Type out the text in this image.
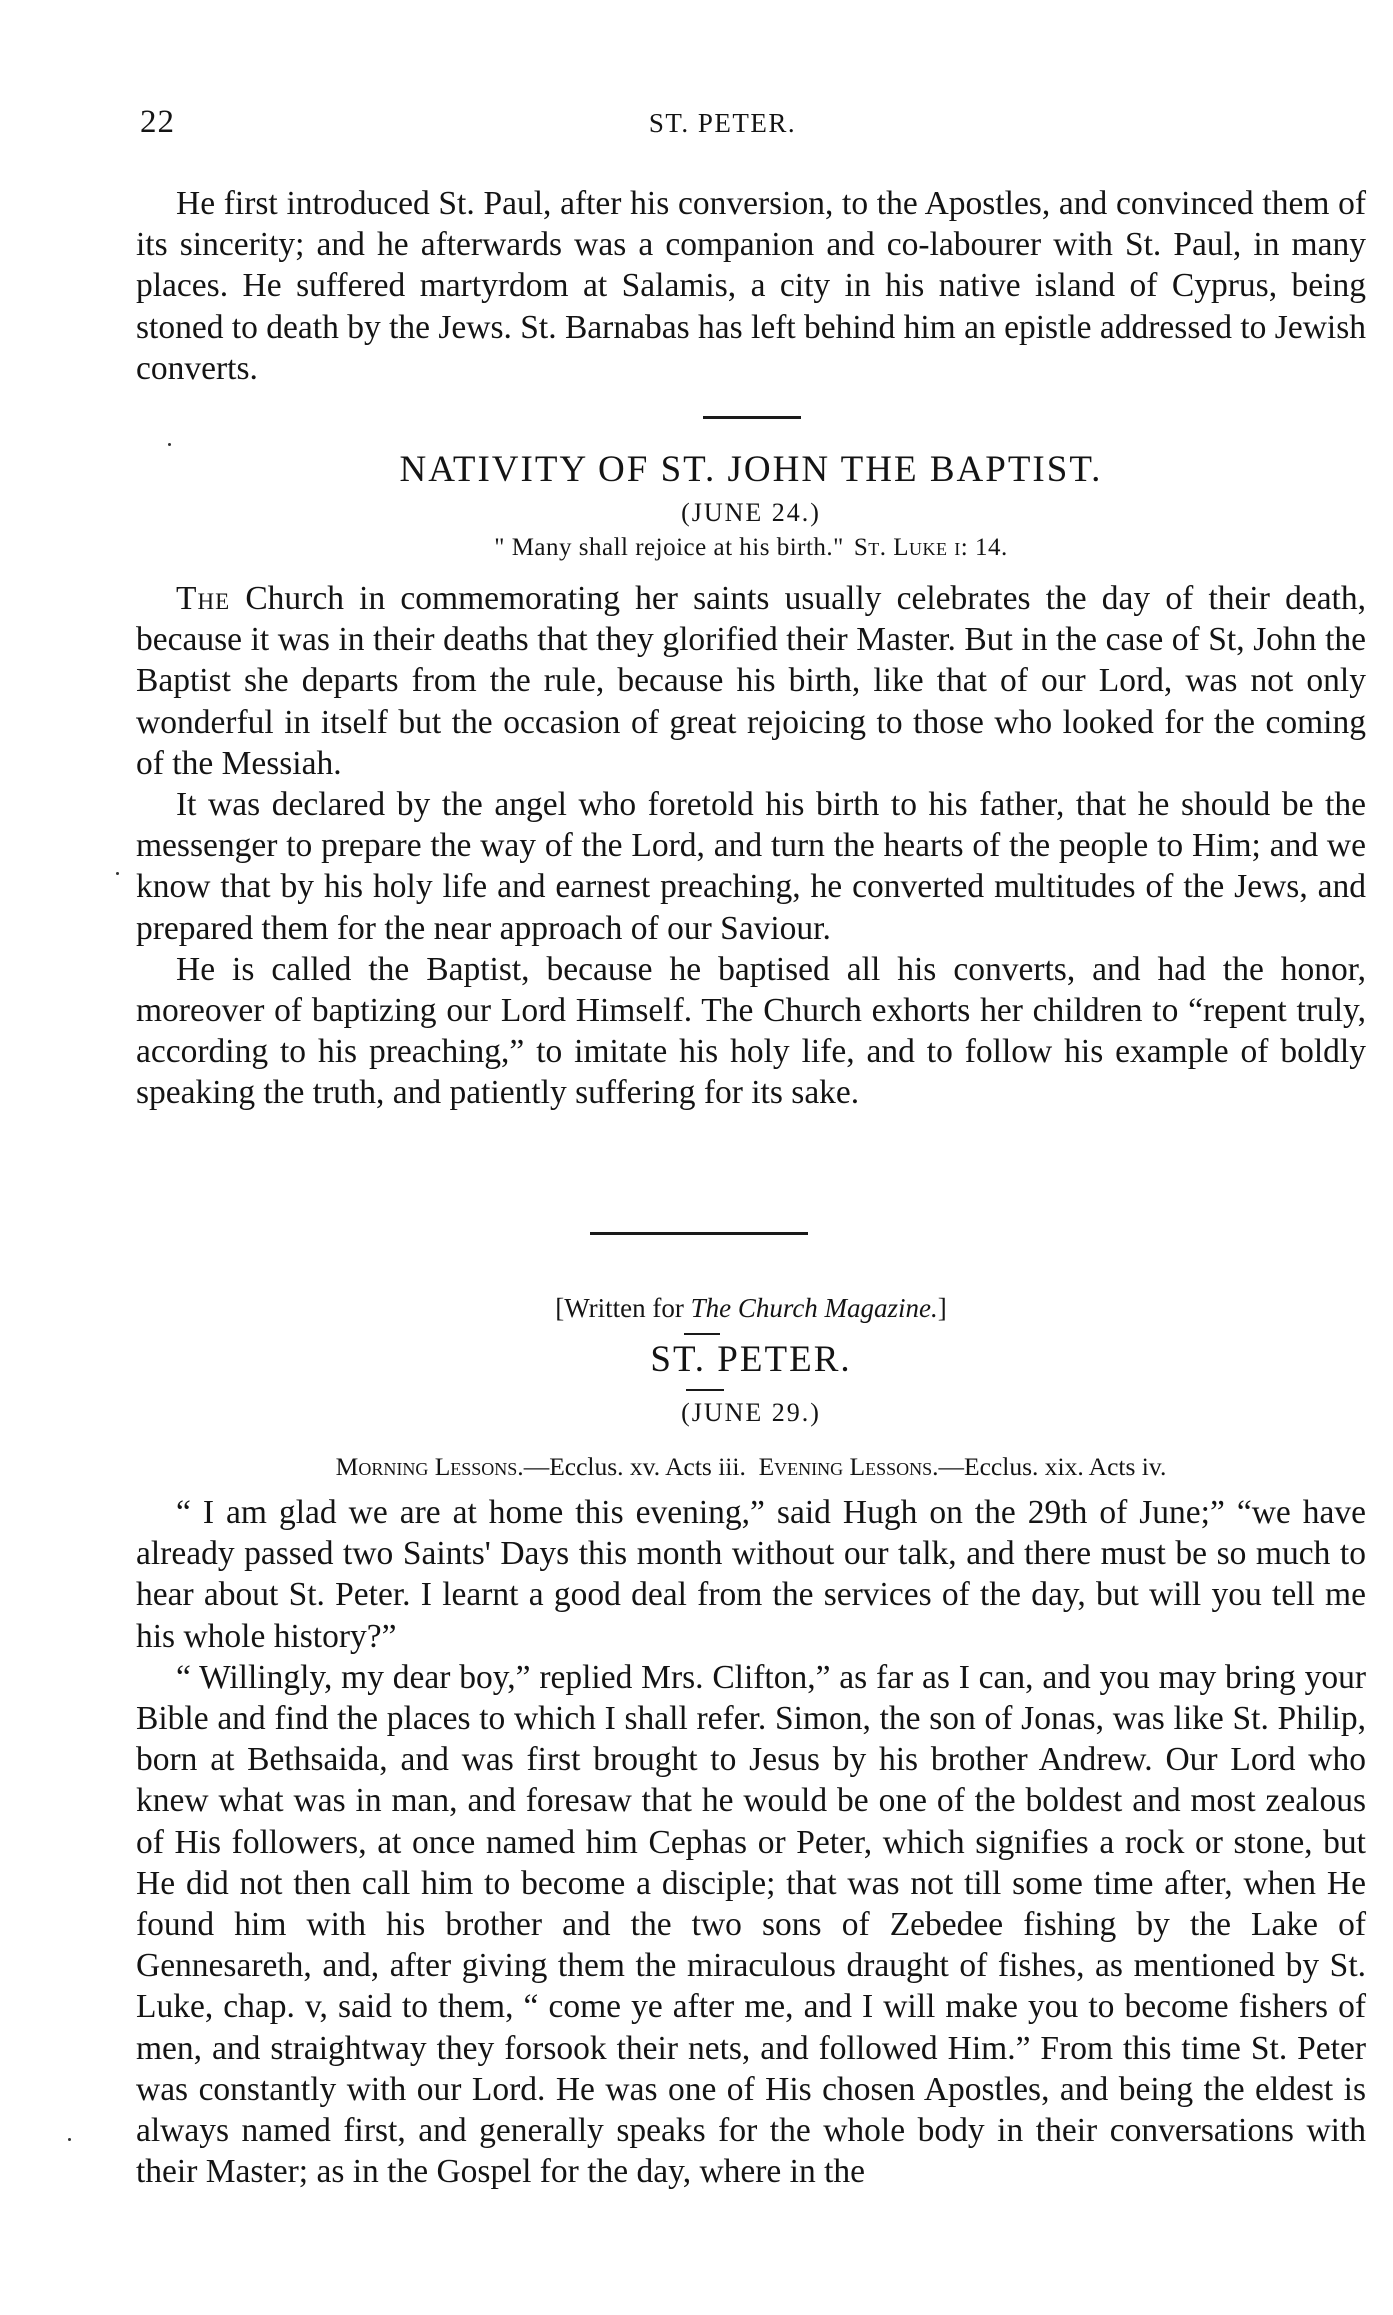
22	ST. PETER.

He first introduced St. Paul, after his conversion, to the Apostles, and convinced them of its sincerity; and he afterwards was a companion and co-labourer with St. Paul, in many places. He suffered martyrdom at Salamis, a city in his native island of Cyprus, being stoned to death by the Jews. St. Barnabas has left behind him an epistle addressed to Jewish converts.

NATIVITY OF ST. JOHN THE BAPTIST.
(JUNE 24.)
" Many shall rejoice at his birth." St. Luke i: 14.

The Church in commemorating her saints usually celebrates the day of their death, because it was in their deaths that they glorified their Master. But in the case of St, John the Baptist she departs from the rule, because his birth, like that of our Lord, was not only wonderful in itself but the occasion of great rejoicing to those who looked for the coming of the Messiah.

It was declared by the angel who foretold his birth to his father, that he should be the messenger to prepare the way of the Lord, and turn the hearts of the people to Him; and we know that by his holy life and earnest preaching, he converted multitudes of the Jews, and prepared them for the near approach of our Saviour.

He is called the Baptist, because he baptised all his converts, and had the honor, moreover of baptizing our Lord Himself. The Church exhorts her children to “repent truly, according to his preaching,” to imitate his holy life, and to follow his example of boldly speaking the truth, and patiently suffering for its sake.

[Written for The Church Magazine.]
ST. PETER.
(JUNE 29.)
Morning Lessons.—Ecclus. xv. Acts iii. Evening Lessons.—Ecclus. xix. Acts iv.

“ I am glad we are at home this evening,” said Hugh on the 29th of June;” “we have already passed two Saints' Days this month without our talk, and there must be so much to hear about St. Peter. I learnt a good deal from the services of the day, but will you tell me his whole history?”

“ Willingly, my dear boy,” replied Mrs. Clifton,” as far as I can, and you may bring your Bible and find the places to which I shall refer. Simon, the son of Jonas, was like St. Philip, born at Bethsaida, and was first brought to Jesus by his brother Andrew. Our Lord who knew what was in man, and foresaw that he would be one of the boldest and most zealous of His followers, at once named him Cephas or Peter, which signifies a rock or stone, but He did not then call him to become a disciple; that was not till some time after, when He found him with his brother and the two sons of Zebedee fishing by the Lake of Gennesareth, and, after giving them the miraculous draught of fishes, as mentioned by St. Luke, chap. v, said to them, “ come ye after me, and I will make you to become fishers of men, and straightway they forsook their nets, and followed Him.” From this time St. Peter was constantly with our Lord. He was one of His chosen Apostles, and being the eldest is always named first, and generally speaks for the whole body in their conversations with their Master; as in the Gospel for the day, where in the
